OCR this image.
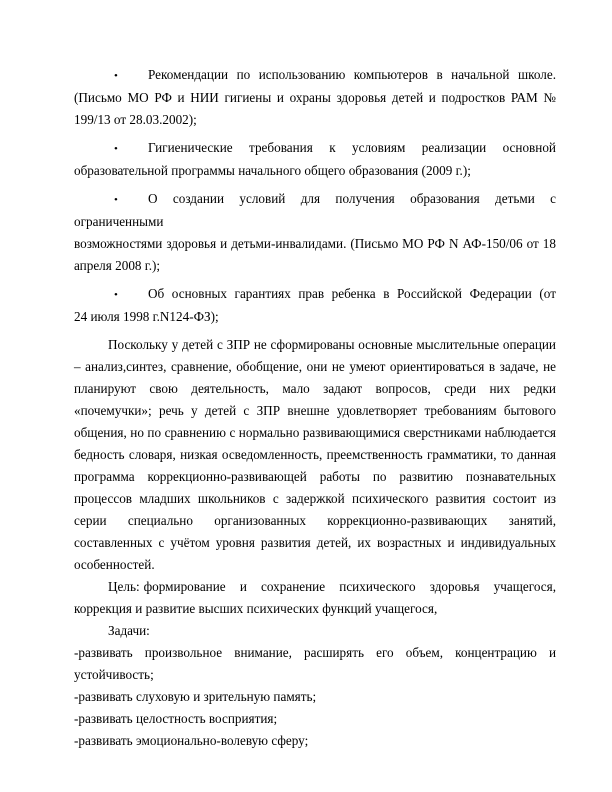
•Рекомендации по использованию компьютеров в начальной школе.

(Письмо МО РФ и НИИ гигиены и охраны здоровья детей и подростков РАМ № 199/13 от 28.03.2002);

•Гигиенические требования к условиям реализации основной

образовательной программы начального общего образования (2009 г.);

•О создании условий для получения образования детьми с ограниченными

возможностями здоровья и детьми-инвалидами. (Письмо МО РФ N АФ-150/06 от 18 апреля 2008 г.);

•Об основных гарантиях прав ребенка в Российской Федерации (от

24 июля 1998 г.N124-ФЗ);

Поскольку у детей с ЗПР не сформированы основные мыслительные операции – анализ,синтез, сравнение, обобщение, они не умеют ориентироваться в задаче, не планируют свою деятельность, мало задают вопросов, среди них редки «почемучки»; речь у детей с ЗПР внешне удовлетворяет требованиям бытового общения, но по сравнению с нормально развивающимися сверстниками наблюдается бедность словаря, низкая осведомленность, преемственность грамматики, то данная программа коррекционно-развивающей работы по развитию познавательных процессов младших школьников с задержкой психического развития состоит из серии специально организованных коррекционно-развивающих занятий, составленных с учётом уровня развития детей, их возрастных и индивидуальных особенностей.

Цель: формирование и сохранение психического здоровья учащегося, коррекция и развитие высших психических функций учащегося,

Задачи:

-развивать произвольное внимание, расширять его объем, концентрацию и устойчивость;

-развивать слуховую и зрительную память;

-развивать целостность восприятия;

-развивать эмоционально-волевую сферу;
